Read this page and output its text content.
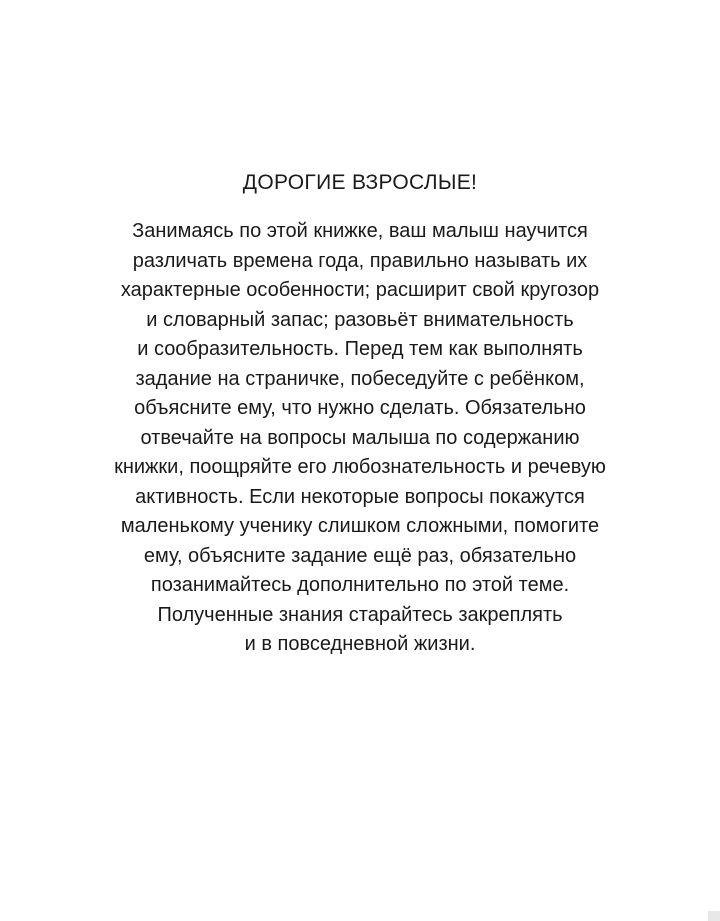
ДОРОГИЕ ВЗРОСЛЫЕ!
Занимаясь по этой книжке, ваш малыш научится
различать времена года, правильно называть их
характерные особенности; расширит свой кругозор
и словарный запас; разовьёт внимательность
и сообразительность. Перед тем как выполнять
задание на страничке, побеседуйте с ребёнком,
объясните ему, что нужно сделать. Обязательно
отвечайте на вопросы малыша по содержанию
книжки, поощряйте его любознательность и речевую
активность. Если некоторые вопросы покажутся
маленькому ученику слишком сложными, помогите
ему, объясните задание ещё раз, обязательно
позанимайтесь дополнительно по этой теме.
Полученные знания старайтесь закреплять
и в повседневной жизни.
